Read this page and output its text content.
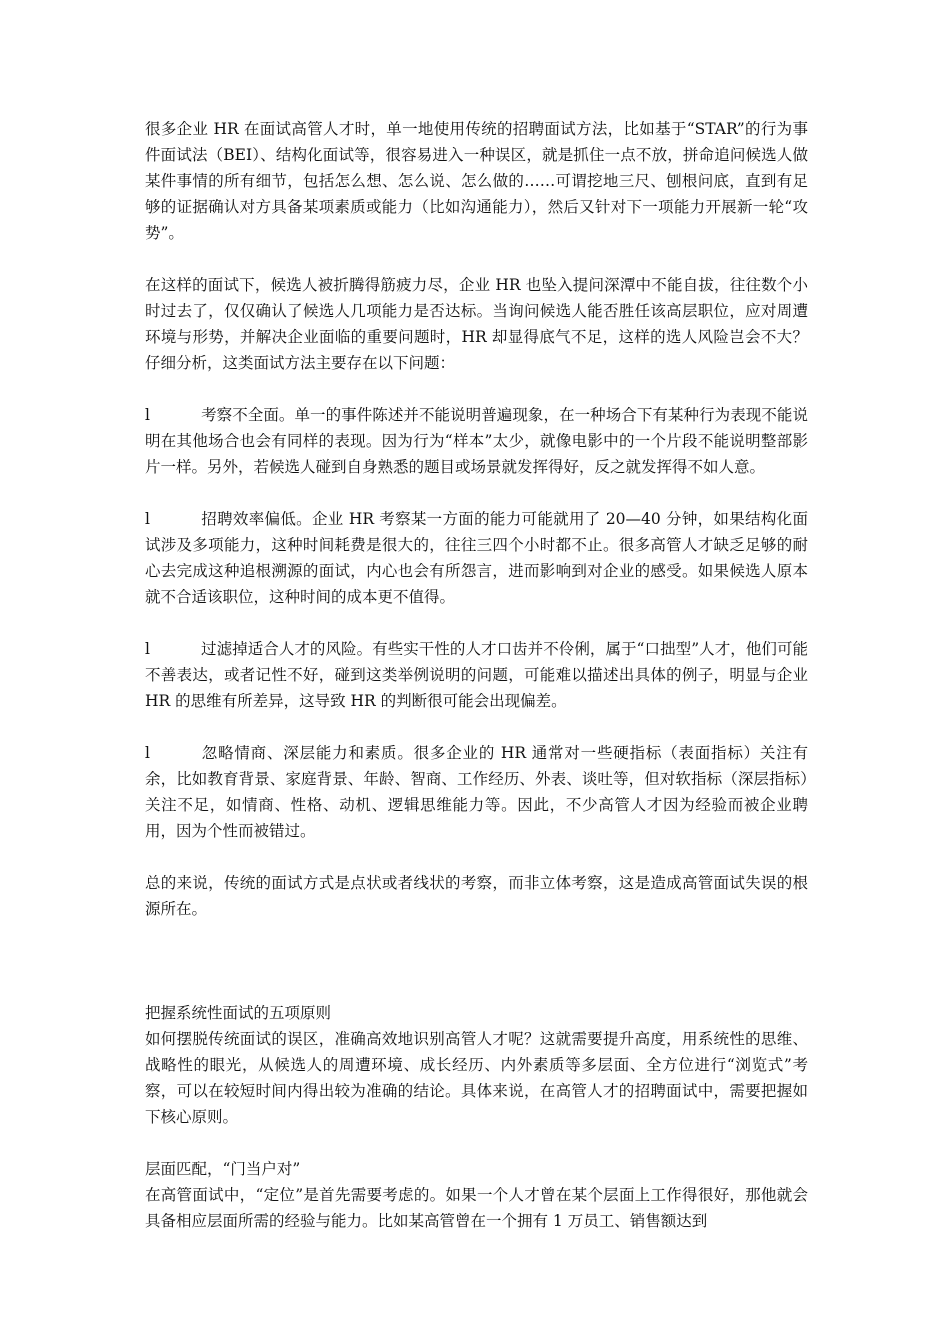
很多企业 HR 在面试高管人才时，单一地使用传统的招聘面试方法，比如基于“STAR”的行为事件面试法（BEI）、结构化面试等，很容易进入一种误区，就是抓住一点不放，拼命追问候选人做某件事情的所有细节，包括怎么想、怎么说、怎么做的……可谓挖地三尺、刨根问底，直到有足够的证据确认对方具备某项素质或能力（比如沟通能力），然后又针对下一项能力开展新一轮“攻势”。

在这样的面试下，候选人被折腾得筋疲力尽，企业 HR 也坠入提问深潭中不能自拔，往往数个小时过去了，仅仅确认了候选人几项能力是否达标。当询问候选人能否胜任该高层职位，应对周遭环境与形势，并解决企业面临的重要问题时，HR 却显得底气不足，这样的选人风险岂会不大？仔细分析，这类面试方法主要存在以下问题：

l	考察不全面。单一的事件陈述并不能说明普遍现象，在一种场合下有某种行为表现不能说明在其他场合也会有同样的表现。因为行为“样本”太少，就像电影中的一个片段不能说明整部影片一样。另外，若候选人碰到自身熟悉的题目或场景就发挥得好，反之就发挥得不如人意。

l	招聘效率偏低。企业 HR 考察某一方面的能力可能就用了 20—40 分钟，如果结构化面试涉及多项能力，这种时间耗费是很大的，往往三四个小时都不止。很多高管人才缺乏足够的耐心去完成这种追根溯源的面试，内心也会有所怨言，进而影响到对企业的感受。如果候选人原本就不合适该职位，这种时间的成本更不值得。

l	过滤掉适合人才的风险。有些实干性的人才口齿并不伶俐，属于“口拙型”人才，他们可能不善表达，或者记性不好，碰到这类举例说明的问题，可能难以描述出具体的例子，明显与企业 HR 的思维有所差异，这导致 HR 的判断很可能会出现偏差。

l	忽略情商、深层能力和素质。很多企业的 HR 通常对一些硬指标（表面指标）关注有余，比如教育背景、家庭背景、年龄、智商、工作经历、外表、谈吐等，但对软指标（深层指标）关注不足，如情商、性格、动机、逻辑思维能力等。因此，不少高管人才因为经验而被企业聘用，因为个性而被错过。

总的来说，传统的面试方式是点状或者线状的考察，而非立体考察，这是造成高管面试失误的根源所在。

把握系统性面试的五项原则

如何摆脱传统面试的误区，准确高效地识别高管人才呢？这就需要提升高度，用系统性的思维、战略性的眼光，从候选人的周遭环境、成长经历、内外素质等多层面、全方位进行“浏览式”考察，可以在较短时间内得出较为准确的结论。具体来说，在高管人才的招聘面试中，需要把握如下核心原则。

层面匹配，“门当户对”

在高管面试中，“定位”是首先需要考虑的。如果一个人才曾在某个层面上工作得很好，那他就会具备相应层面所需的经验与能力。比如某高管曾在一个拥有 1 万员工、销售额达到
